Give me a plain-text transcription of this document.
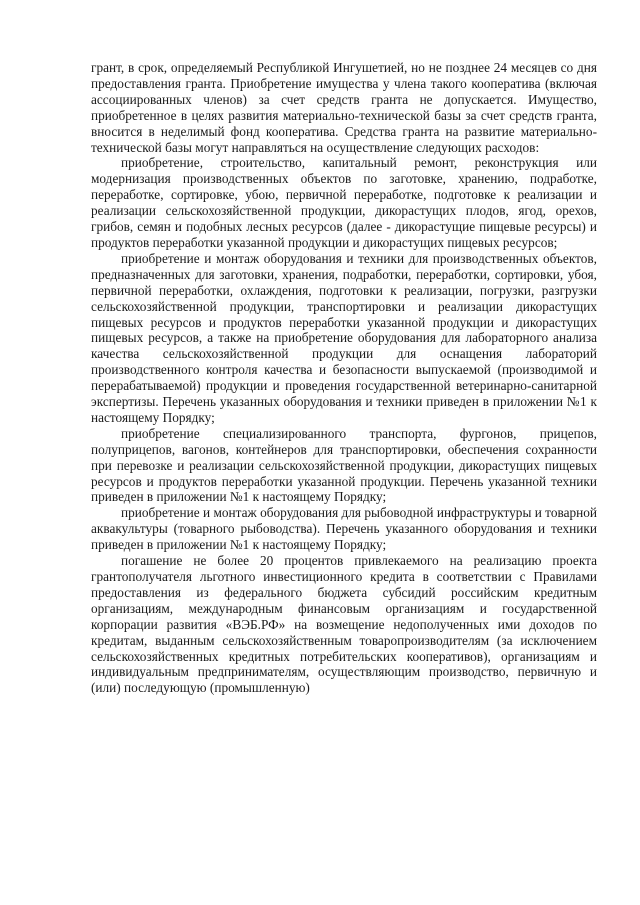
грант, в срок, определяемый Республикой Ингушетией, но не позднее 24 месяцев со дня предоставления гранта. Приобретение имущества у члена такого кооператива (включая ассоциированных членов) за счет средств гранта не допускается. Имущество, приобретенное в целях развития материально-технической базы за счет средств гранта, вносится в неделимый фонд кооператива. Средства гранта на развитие материально-технической базы могут направляться на осуществление следующих расходов:

приобретение, строительство, капитальный ремонт, реконструкция или модернизация производственных объектов по заготовке, хранению, подработке, переработке, сортировке, убою, первичной переработке, подготовке к реализации и реализации сельскохозяйственной продукции, дикорастущих плодов, ягод, орехов, грибов, семян и подобных лесных ресурсов (далее - дикорастущие пищевые ресурсы) и продуктов переработки указанной продукции и дикорастущих пищевых ресурсов;

приобретение и монтаж оборудования и техники для производственных объектов, предназначенных для заготовки, хранения, подработки, переработки, сортировки, убоя, первичной переработки, охлаждения, подготовки к реализации, погрузки, разгрузки сельскохозяйственной продукции, транспортировки и реализации дикорастущих пищевых ресурсов и продуктов переработки указанной продукции и дикорастущих пищевых ресурсов, а также на приобретение оборудования для лабораторного анализа качества сельскохозяйственной продукции для оснащения лабораторий производственного контроля качества и безопасности выпускаемой (производимой и перерабатываемой) продукции и проведения государственной ветеринарно-санитарной экспертизы. Перечень указанных оборудования и техники приведен в приложении №1 к настоящему Порядку;

приобретение специализированного транспорта, фургонов, прицепов, полуприцепов, вагонов, контейнеров для транспортировки, обеспечения сохранности при перевозке и реализации сельскохозяйственной продукции, дикорастущих пищевых ресурсов и продуктов переработки указанной продукции. Перечень указанной техники приведен в приложении №1 к настоящему Порядку;

приобретение и монтаж оборудования для рыбоводной инфраструктуры и товарной аквакультуры (товарного рыбоводства). Перечень указанного оборудования и техники приведен в приложении №1 к настоящему Порядку;

погашение не более 20 процентов привлекаемого на реализацию проекта грантополучателя льготного инвестиционного кредита в соответствии с Правилами предоставления из федерального бюджета субсидий российским кредитным организациям, международным финансовым организациям и государственной корпорации развития «ВЭБ.РФ» на возмещение недополученных ими доходов по кредитам, выданным сельскохозяйственным товаропроизводителям (за исключением сельскохозяйственных кредитных потребительских кооперативов), организациям и индивидуальным предпринимателям, осуществляющим производство, первичную и (или) последующую (промышленную)
